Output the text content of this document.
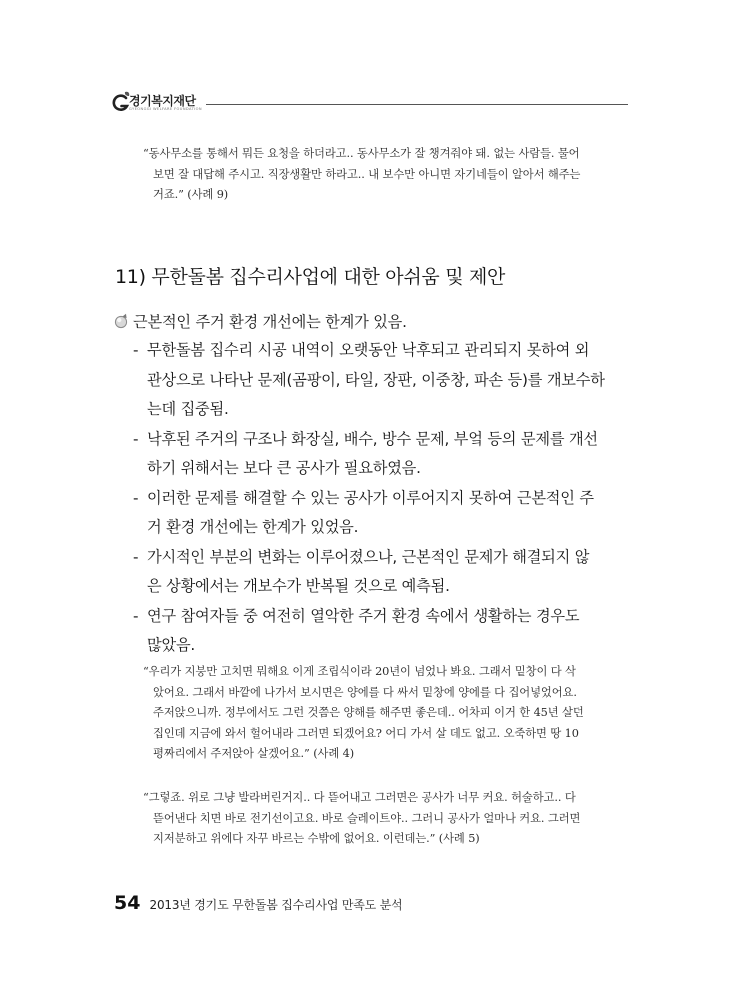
경기복지재단
GYEONGGI WELFARE FOUNDATION

“동사무소를 통해서 뭐든 요청을 하더라고.. 동사무소가 잘 챙겨줘야 돼. 없는 사람들. 물어

보면 잘 대답해 주시고. 직장생활만 하라고.. 내 보수만 아니면 자기네들이 알아서 해주는

거죠.” (사례 9)

11) 무한돌봄 집수리사업에 대한 아쉬움 및 제안
근본적인 주거 환경 개선에는 한계가 있음.
- 무한돌봄 집수리 시공 내역이 오랫동안 낙후되고 관리되지 못하여 외
관상으로 나타난 문제(곰팡이, 타일, 장판, 이중창, 파손 등)를 개보수하
는데 집중됨.
- 낙후된 주거의 구조나 화장실, 배수, 방수 문제, 부엌 등의 문제를 개선
하기 위해서는 보다 큰 공사가 필요하였음.
- 이러한 문제를 해결할 수 있는 공사가 이루어지지 못하여 근본적인 주
거 환경 개선에는 한계가 있었음.
- 가시적인 부분의 변화는 이루어졌으나, 근본적인 문제가 해결되지 않
은 상황에서는 개보수가 반복될 것으로 예측됨.
- 연구 참여자들 중 여전히 열악한 주거 환경 속에서 생활하는 경우도
많았음.

“우리가 지붕만 고치면 뭐해요 이게 조립식이라 20년이 넘었나 봐요. 그래서 밑창이 다 삭

았어요. 그래서 바깥에 나가서 보시면은 양에를 다 싸서 밑창에 양에를 다 집어넣었어요.

주저앉으니까. 정부에서도 그런 것쯤은 양해를 해주면 좋은데.. 어차피 이거 한 45년 살던

집인데 지금에 와서 헐어내라 그러면 되겠어요? 어디 가서 살 데도 없고. 오죽하면 땅 10

평짜리에서 주저앉아 살겠어요.” (사례 4)

“그렇죠. 위로 그냥 발라버린거지.. 다 뜯어내고 그러면은 공사가 너무 커요. 허술하고.. 다

뜯어낸다 치면 바로 전기선이고요. 바로 슬레이트야.. 그러니 공사가 얼마나 커요. 그러면

지저분하고 위에다 자꾸 바르는 수밖에 없어요. 이런데는.” (사례 5)

54 2013년 경기도 무한돌봄 집수리사업 만족도 분석
